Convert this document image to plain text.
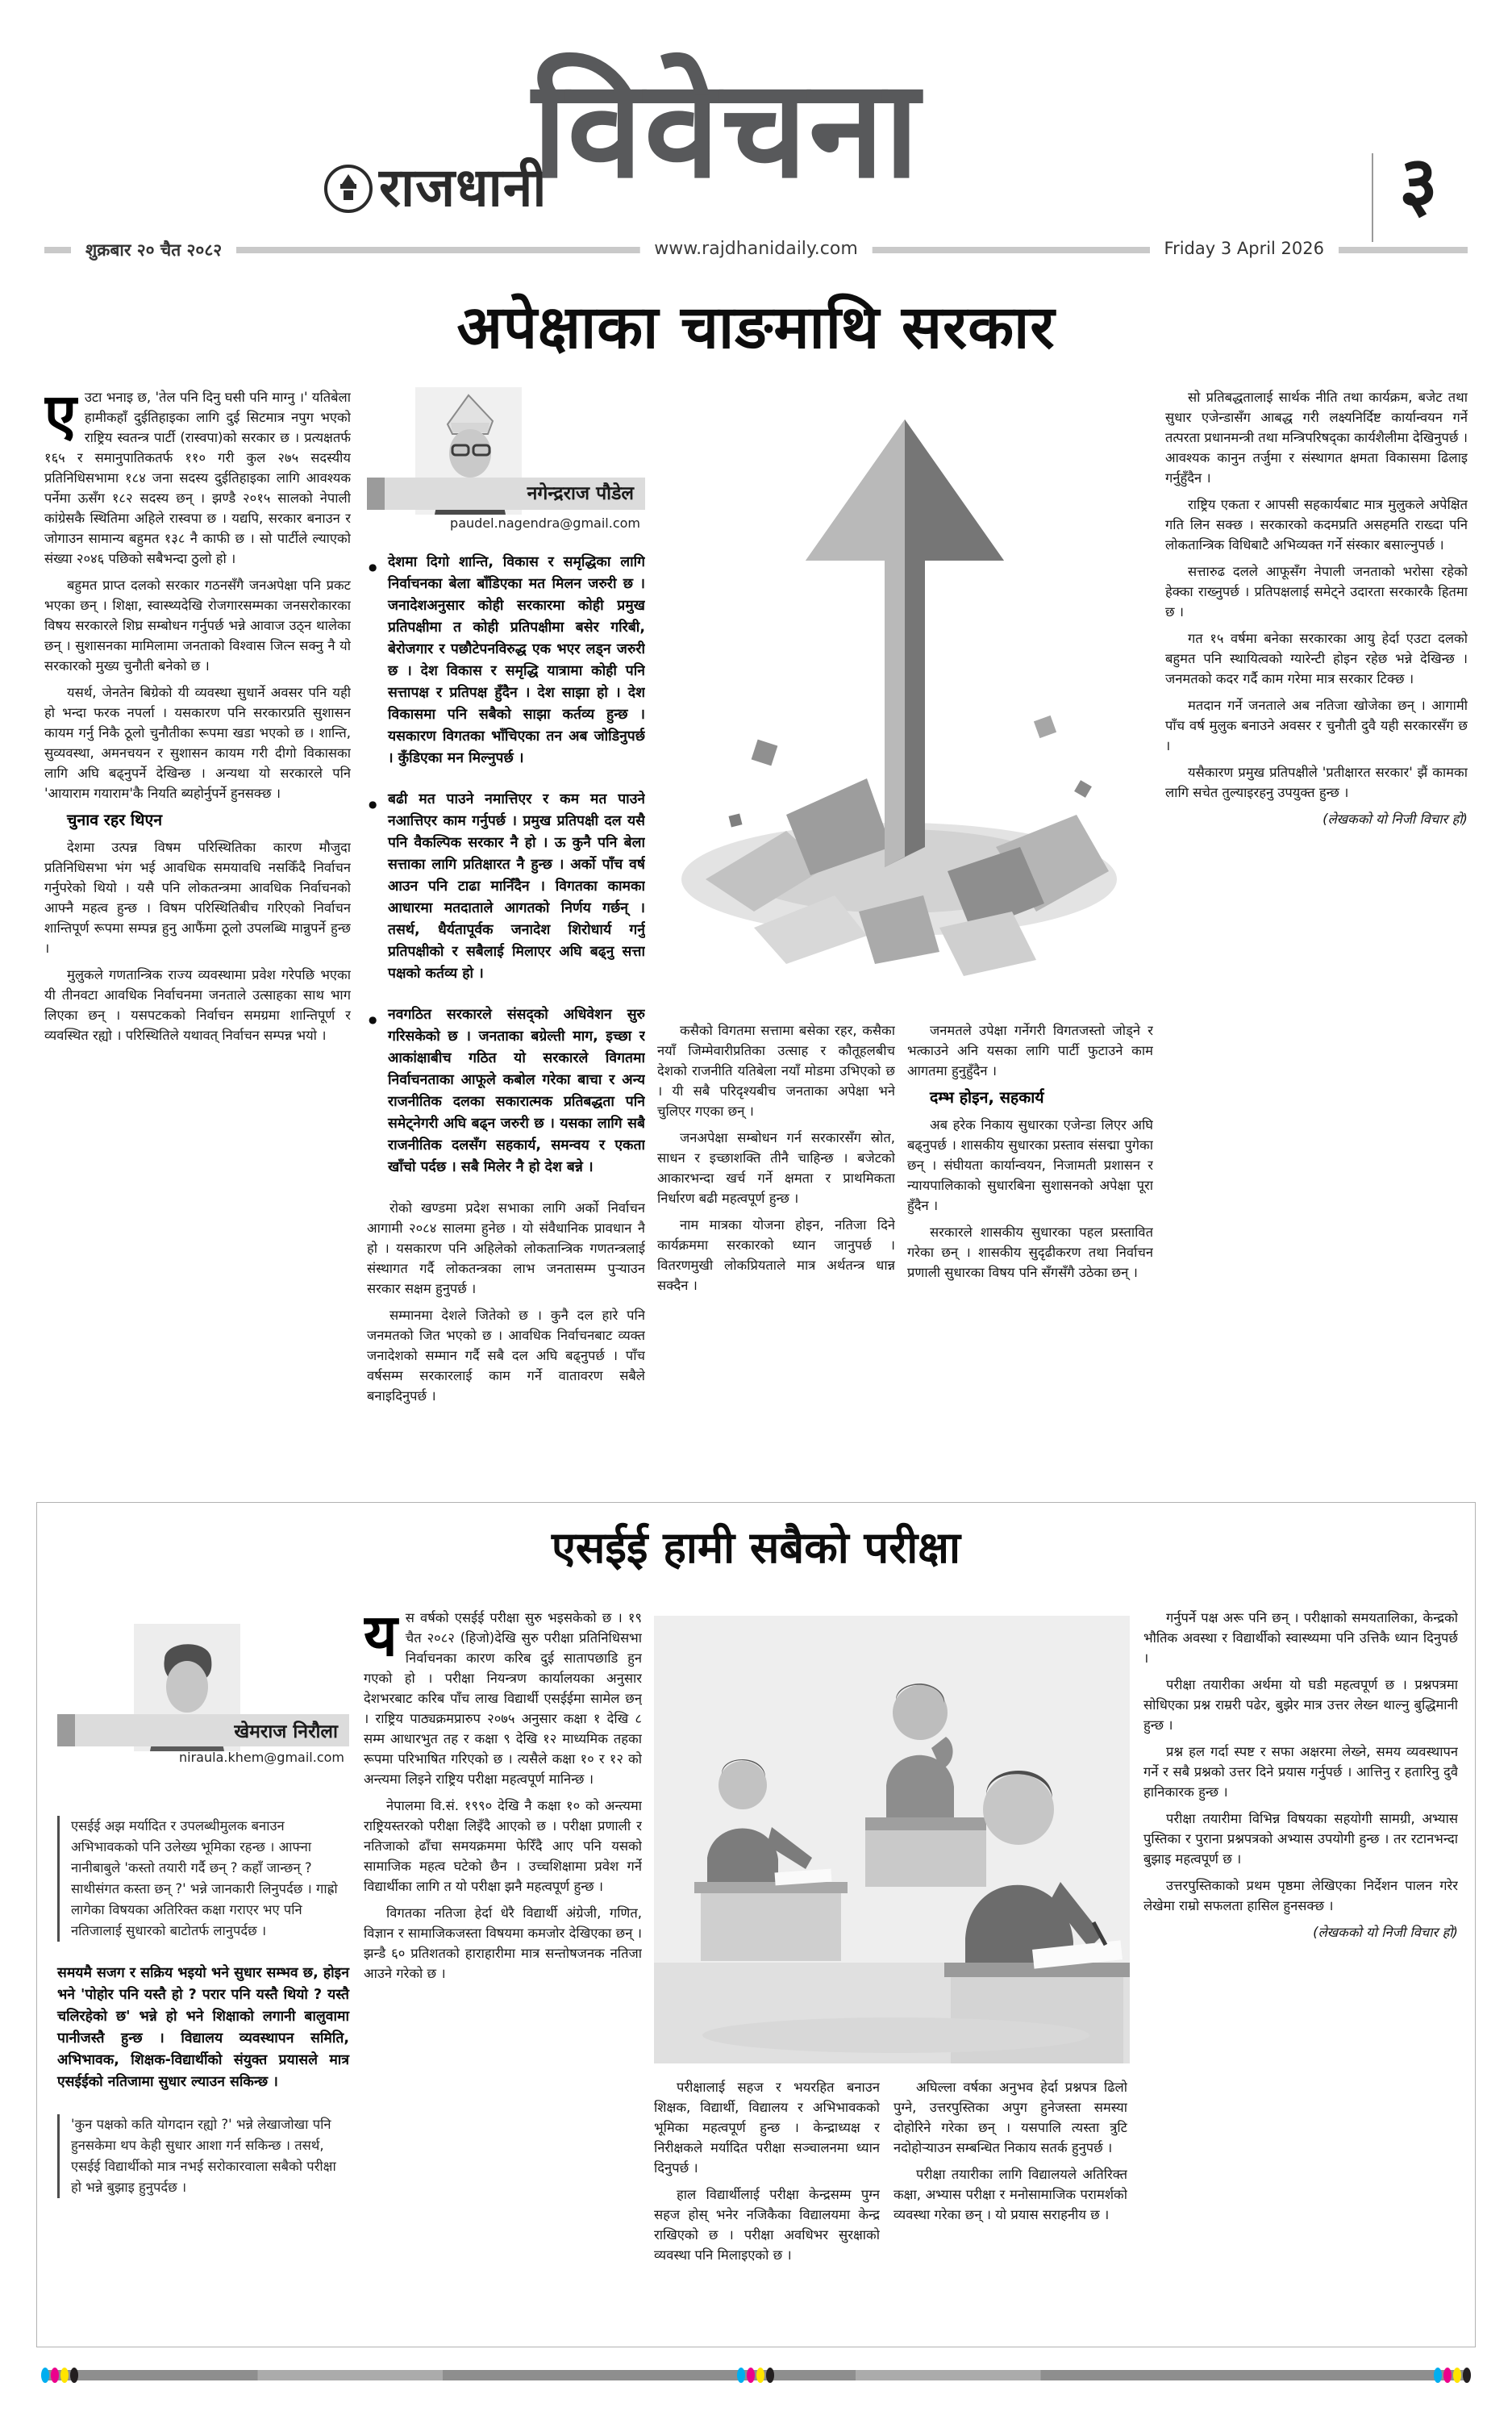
राजधानी
विवेचना
शुक्रबार २० चैत २०८२	www.rajdhanidaily.com	Friday 3 April 2026
३
अपेक्षाका चाङमाथि सरकार

एउटा भनाइ छ, 'तेल पनि दिनु घसी पनि माग्नु ।' यतिबेला हामीकहाँ दुईतिहाइका लागि दुई सिटमात्र नपुग भएको राष्ट्रिय स्वतन्त्र पार्टी (रास्वपा)को सरकार छ । प्रत्यक्षतर्फ १६५ र समानुपातिकतर्फ ११० गरी कुल २७५ सदस्यीय प्रतिनिधिसभामा १८४ जना सदस्य दुईतिहाइका लागि आवश्यक पर्नेमा ऊसँग १८२ सदस्य छन् । झण्डै २०१५ सालको नेपाली कांग्रेसकै स्थितिमा अहिले रास्वपा छ । यद्यपि, सरकार बनाउन र जोगाउन सामान्य बहुमत १३८ नै काफी छ । सो पार्टीले ल्याएको संख्या २०४६ पछिको सबैभन्दा ठुलो हो ।

बहुमत प्राप्त दलको सरकार गठनसँगै जनअपेक्षा पनि प्रकट भएका छन् । शिक्षा, स्वास्थ्यदेखि रोजगारसम्मका जनसरोकारका विषय सरकारले शिघ्र सम्बोधन गर्नुपर्छ भन्ने आवाज उठ्न थालेका छन् । सुशासनका मामिलामा जनताको विश्वास जित्न सक्नु नै यो सरकारको मुख्य चुनौती बनेको छ ।

यसर्थ, जेनतेन बिग्रेको यी व्यवस्था सुधार्ने अवसर पनि यही हो भन्दा फरक नपर्ला । यसकारण पनि सरकारप्रति सुशासन कायम गर्नु निकै ठूलो चुनौतीका रूपमा खडा भएको छ । शान्ति, सुव्यवस्था, अमनचयन र सुशासन कायम गरी दीगो विकासका लागि अघि बढ्नुपर्ने देखिन्छ । अन्यथा यो सरकारले पनि 'आयाराम गयाराम'कै नियति ब्यहोर्नुपर्ने हुनसक्छ ।

चुनाव रहर थिएन

देशमा उत्पन्न विषम परिस्थितिका कारण मौजुदा प्रतिनिधिसभा भंग भई आवधिक समयावधि नसकिँदै निर्वाचन गर्नुपरेको थियो । यसै पनि लोकतन्त्रमा आवधिक निर्वाचनको आफ्नै महत्व हुन्छ । विषम परिस्थितिबीच गरिएको निर्वाचन शान्तिपूर्ण रूपमा सम्पन्न हुनु आफैंमा ठूलो उपलब्धि मान्नुपर्ने हुन्छ ।

मुलुकले गणतान्त्रिक राज्य व्यवस्थामा प्रवेश गरेपछि भएका यी तीनवटा आवधिक निर्वाचनमा जनताले उत्साहका साथ भाग लिएका छन् । यसपटकको निर्वाचन समग्रमा शान्तिपूर्ण र व्यवस्थित रह्यो । परिस्थितिले यथावत् निर्वाचन सम्पन्न भयो ।

नगेन्द्रराज पौडेल
paudel.nagendra@gmail.com

● देशमा दिगो शान्ति, विकास र समृद्धिका लागि निर्वाचनका बेला बाँडिएका मत मिलन जरुरी छ । जनादेशअनुसार कोही सरकारमा कोही प्रमुख प्रतिपक्षीमा त कोही प्रतिपक्षीमा बसेर गरिबी, बेरोजगार र पछौटेपनविरुद्ध एक भएर लड्न जरुरी छ । देश विकास र समृद्धि यात्रामा कोही पनि सत्तापक्ष र प्रतिपक्ष हुँदैन । देश साझा हो । देश विकासमा पनि सबैको साझा कर्तव्य हुन्छ । यसकारण विगतका भाँचिएका तन अब जोडिनुपर्छ । कुँडिएका मन मिल्नुपर्छ ।

● बढी मत पाउने नमात्तिएर र कम मत पाउने नआत्तिएर काम गर्नुपर्छ । प्रमुख प्रतिपक्षी दल यसै पनि वैकल्पिक सरकार नै हो । ऊ कुनै पनि बेला सत्ताका लागि प्रतिक्षारत नै हुन्छ । अर्को पाँच वर्ष आउन पनि टाढा मानिँदैन । विगतका कामका आधारमा मतदाताले आगतको निर्णय गर्छन् । तसर्थ, धैर्यतापूर्वक जनादेश शिरोधार्य गर्नु प्रतिपक्षीको र सबैलाई मिलाएर अघि बढ्नु सत्ता पक्षको कर्तव्य हो ।

● नवगठित सरकारले संसद्को अधिवेशन सुरु गरिसकेको छ । जनताका बग्रेल्ती माग, इच्छा र आकांक्षाबीच गठित यो सरकारले विगतमा निर्वाचनताका आफूले कबोल गरेका बाचा र अन्य राजनीतिक दलका सकारात्मक प्रतिबद्धता पनि समेट्नेगरी अघि बढ्न जरुरी छ । यसका लागि सबै राजनीतिक दलसँग सहकार्य, समन्वय र एकता खाँचो पर्दछ । सबै मिलेर नै हो देश बन्ने ।

रोको खण्डमा प्रदेश सभाका लागि अर्को निर्वाचन आगामी २०८४ सालमा हुनेछ । यो संवैधानिक प्रावधान नै हो । यसकारण पनि अहिलेको लोकतान्त्रिक गणतन्त्रलाई संस्थागत गर्दै लोकतन्त्रका लाभ जनतासम्म पुर्‍याउन सरकार सक्षम हुनुपर्छ ।

सम्मानमा देशले जितेको छ । कुनै दल हारे पनि जनमतको जित भएको छ । आवधिक निर्वाचनबाट व्यक्त जनादेशको सम्मान गर्दै सबै दल अघि बढ्नुपर्छ । पाँच वर्षसम्म सरकारलाई काम गर्ने वातावरण सबैले बनाइदिनुपर्छ ।

कसैको विगतमा सत्तामा बसेका रहर, कसैका नयाँ जिम्मेवारीप्रतिका उत्साह र कौतूहलबीच देशको राजनीति यतिबेला नयाँ मोडमा उभिएको छ । यी सबै परिदृश्यबीच जनताका अपेक्षा भने चुलिएर गएका छन् ।

जनअपेक्षा सम्बोधन गर्न सरकारसँग स्रोत, साधन र इच्छाशक्ति तीनै चाहिन्छ । बजेटको आकारभन्दा खर्च गर्ने क्षमता र प्राथमिकता निर्धारण बढी महत्वपूर्ण हुन्छ ।

नाम मात्रका योजना होइन, नतिजा दिने कार्यक्रममा सरकारको ध्यान जानुपर्छ । वितरणमुखी लोकप्रियताले मात्र अर्थतन्त्र धान्न सक्दैन ।

जनमतले उपेक्षा गर्नेगरी विगतजस्तो जोड्ने र भत्काउने अनि यसका लागि पार्टी फुटाउने काम आगतमा हुनुहुँदैन ।

दम्भ होइन, सहकार्य

अब हरेक निकाय सुधारका एजेन्डा लिएर अघि बढ्नुपर्छ । शासकीय सुधारका प्रस्ताव संसद्मा पुगेका छन् । संघीयता कार्यान्वयन, निजामती प्रशासन र न्यायपालिकाको सुधारबिना सुशासनको अपेक्षा पूरा हुँदैन ।

सरकारले शासकीय सुधारका पहल प्रस्तावित गरेका छन् । शासकीय सुदृढीकरण तथा निर्वाचन प्रणाली सुधारका विषय पनि सँगसँगै उठेका छन् ।

सो प्रतिबद्धतालाई सार्थक नीति तथा कार्यक्रम, बजेट तथा सुधार एजेन्डासँग आबद्ध गरी लक्ष्यनिर्दिष्ट कार्यान्वयन गर्ने तत्परता प्रधानमन्त्री तथा मन्त्रिपरिषद्का कार्यशैलीमा देखिनुपर्छ । आवश्यक कानुन तर्जुमा र संस्थागत क्षमता विकासमा ढिलाइ गर्नुहुँदैन ।

राष्ट्रिय एकता र आपसी सहकार्यबाट मात्र मुलुकले अपेक्षित गति लिन सक्छ । सरकारको कदमप्रति असहमति राख्दा पनि लोकतान्त्रिक विधिबाटै अभिव्यक्त गर्ने संस्कार बसाल्नुपर्छ ।

सत्तारुढ दलले आफूसँग नेपाली जनताको भरोसा रहेको हेक्का राख्नुपर्छ । प्रतिपक्षलाई समेट्ने उदारता सरकारकै हितमा छ ।

गत १५ वर्षमा बनेका सरकारका आयु हेर्दा एउटा दलको बहुमत पनि स्थायित्वको ग्यारेन्टी होइन रहेछ भन्ने देखिन्छ । जनमतको कदर गर्दै काम गरेमा मात्र सरकार टिक्छ ।

मतदान गर्ने जनताले अब नतिजा खोजेका छन् । आगामी पाँच वर्ष मुलुक बनाउने अवसर र चुनौती दुवै यही सरकारसँग छ ।

यसैकारण प्रमुख प्रतिपक्षीले 'प्रतीक्षारत सरकार' झैं कामका लागि सचेत तुल्याइरहनु उपयुक्त हुन्छ ।

(लेखकको यो निजी विचार हो)

एसईई हामी सबैको परीक्षा
खेमराज निरौला
niraula.khem@gmail.com

एसईई अझ मर्यादित र उपलब्धीमुलक बनाउन अभिभावकको पनि उलेख्य भूमिका रहन्छ । आफ्ना नानीबाबुले 'कस्तो तयारी गर्दै छन् ? कहाँ जान्छन् ? साथीसंगत कस्ता छन् ?' भन्ने जानकारी लिनुपर्दछ । गाह्रो लागेका विषयका अतिरिक्त कक्षा गराएर भए पनि नतिजालाई सुधारको बाटोतर्फ लानुपर्दछ ।

समयमै सजग र सक्रिय भइयो भने सुधार सम्भव छ, होइन भने 'पोहोर पनि यस्तै हो ? परार पनि यस्तै थियो ? यस्तै चलिरहेको छ' भन्ने हो भने शिक्षाको लगानी बालुवामा पानीजस्तै हुन्छ । विद्यालय व्यवस्थापन समिति, अभिभावक, शिक्षक-विद्यार्थीको संयुक्त प्रयासले मात्र एसईईको नतिजामा सुधार ल्याउन सकिन्छ ।

'कुन पक्षको कति योगदान रह्यो ?' भन्ने लेखाजोखा पनि हुनसकेमा थप केही सुधार आशा गर्न सकिन्छ । तसर्थ, एसईई विद्यार्थीको मात्र नभई सरोकारवाला सबैको परीक्षा हो भन्ने बुझाइ हुनुपर्दछ ।

यस वर्षको एसईई परीक्षा सुरु भइसकेको छ । १९ चैत २०८२ (हिजो)देखि सुरु परीक्षा प्रतिनिधिसभा निर्वाचनका कारण करिब दुई सातापछाडि हुन गएको हो । परीक्षा नियन्त्रण कार्यालयका अनुसार देशभरबाट करिब पाँच लाख विद्यार्थी एसईईमा सामेल छन् । राष्ट्रिय पाठ्यक्रमप्रारुप २०७५ अनुसार कक्षा १ देखि ८ सम्म आधारभुत तह र कक्षा ९ देखि १२ माध्यमिक तहका रूपमा परिभाषित गरिएको छ । त्यसैले कक्षा १० र १२ को अन्त्यमा लिइने राष्ट्रिय परीक्षा महत्वपूर्ण मानिन्छ ।

नेपालमा वि.सं. १९९० देखि नै कक्षा १० को अन्त्यमा राष्ट्रियस्तरको परीक्षा लिइँदै आएको छ । परीक्षा प्रणाली र नतिजाको ढाँचा समयक्रममा फेरिँदै आए पनि यसको सामाजिक महत्व घटेको छैन । उच्चशिक्षामा प्रवेश गर्ने विद्यार्थीका लागि त यो परीक्षा झनै महत्वपूर्ण हुन्छ ।

विगतका नतिजा हेर्दा धेरै विद्यार्थी अंग्रेजी, गणित, विज्ञान र सामाजिकजस्ता विषयमा कमजोर देखिएका छन् । झन्डै ६० प्रतिशतको हाराहारीमा मात्र सन्तोषजनक नतिजा आउने गरेको छ ।

परीक्षालाई सहज र भयरहित बनाउन शिक्षक, विद्यार्थी, विद्यालय र अभिभावकको भूमिका महत्वपूर्ण हुन्छ । केन्द्राध्यक्ष र निरीक्षकले मर्यादित परीक्षा सञ्चालनमा ध्यान दिनुपर्छ ।

हाल विद्यार्थीलाई परीक्षा केन्द्रसम्म पुग्न सहज होस् भनेर नजिकैका विद्यालयमा केन्द्र राखिएको छ । परीक्षा अवधिभर सुरक्षाको व्यवस्था पनि मिलाइएको छ ।

अघिल्ला वर्षका अनुभव हेर्दा प्रश्नपत्र ढिलो पुग्ने, उत्तरपुस्तिका अपुग हुनेजस्ता समस्या दोहोरिने गरेका छन् । यसपालि त्यस्ता त्रुटि नदोहोर्‍याउन सम्बन्धित निकाय सतर्क हुनुपर्छ ।

परीक्षा तयारीका लागि विद्यालयले अतिरिक्त कक्षा, अभ्यास परीक्षा र मनोसामाजिक परामर्शको व्यवस्था गरेका छन् । यो प्रयास सराहनीय छ ।

गर्नुपर्ने पक्ष अरू पनि छन् । परीक्षाको समयतालिका, केन्द्रको भौतिक अवस्था र विद्यार्थीको स्वास्थ्यमा पनि उत्तिकै ध्यान दिनुपर्छ ।

परीक्षा तयारीका अर्थमा यो घडी महत्वपूर्ण छ । प्रश्नपत्रमा सोधिएका प्रश्न राम्ररी पढेर, बुझेर मात्र उत्तर लेख्न थाल्नु बुद्धिमानी हुन्छ ।

प्रश्न हल गर्दा स्पष्ट र सफा अक्षरमा लेख्ने, समय व्यवस्थापन गर्ने र सबै प्रश्नको उत्तर दिने प्रयास गर्नुपर्छ । आत्तिनु र हतारिनु दुवै हानिकारक हुन्छ ।

परीक्षा तयारीमा विभिन्न विषयका सहयोगी सामग्री, अभ्यास पुस्तिका र पुराना प्रश्नपत्रको अभ्यास उपयोगी हुन्छ । तर रटानभन्दा बुझाइ महत्वपूर्ण छ ।

उत्तरपुस्तिकाको प्रथम पृष्ठमा लेखिएका निर्देशन पालन गरेर लेखेमा राम्रो सफलता हासिल हुनसक्छ ।

(लेखकको यो निजी विचार हो)
